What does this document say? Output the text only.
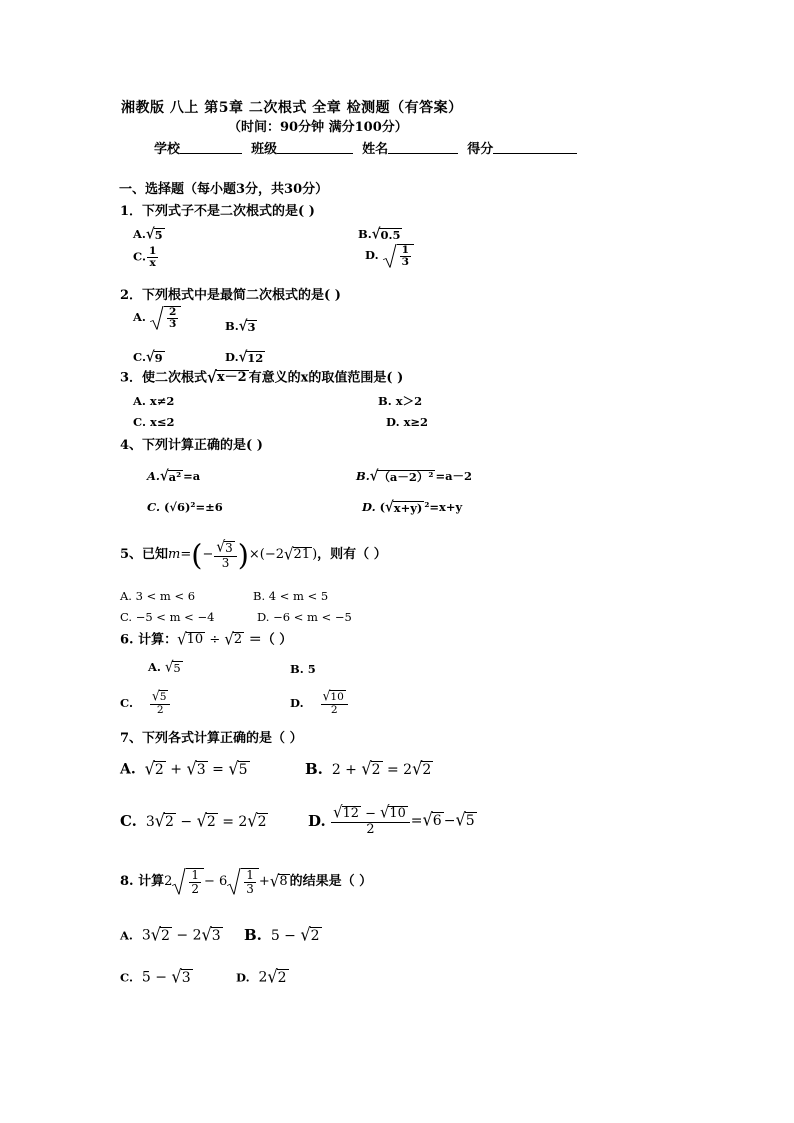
湘教版 八上 第5章 二次根式 全章 检测题（有答案）
（时间：90分钟 满分100分）
学校	班级	姓名	得分
一、选择题（每小题3分，共30分）
1．下列式子不是二次根式的是( )
A. √ 5	B. √ 0.5
C. $\frac{1}{x}$	D. $\frac{1}{3}$
2．下列根式中是最简二次根式的是( )
A. $\frac{2}{3}$	B. √ 3
C. √ 9	D. √ 12
3．使二次根式 √ x－2 有意义的x的取值范围是( )
A. x≠2	B. x＞2
C. x≤2	D. x≥2
4、下列计算正确的是( )
A. √ a² =a	B. √ （a－2）² =a－2
C. (√6)²=±6	D. ( √ x+y) ²=x+y
5、已知 m = ( − $\frac{√ 3}{3}$ ) ×(−2 √ 21 ) ，则有（ ）
A. 3 < m < 6	B. 4 < m < 5
C. −5 < m < −4	D. −6 < m < −5
6. 计算： √ 10 ÷ √ 2 ＝（ ）
A. √ 5	B. 5
C.
$\frac{√ 5}{2}$	D.
$\frac{√ 10}{2}$
7、下列各式计算正确的是（ ）
A. √ 2 + √ 3 = √ 5	B. 2 + √ 2 = 2 √ 2
C. 3 √ 2 − √ 2 = 2 √ 2	D.
$\frac{√ 12 - √ 10}{2}$ = √ 6 − √ 5
8. 计算 $2 \frac{1}{2} - 6 \frac{1}{3}$ + √ 8 的结果是（ ）
A. 3 √ 2 − 2 √ 3 B. 5 − √ 2
C. 5 − √ 3	D. 2 √ 2
